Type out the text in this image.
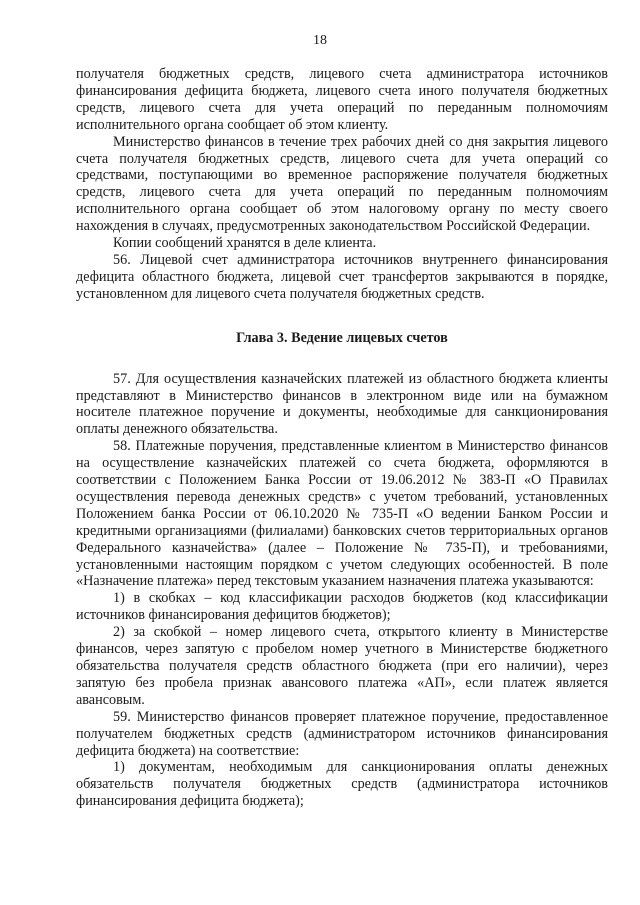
18

получателя бюджетных средств, лицевого счета администратора источников финансирования дефицита бюджета, лицевого счета иного получателя бюджетных средств, лицевого счета для учета операций по переданным полномочиям исполнительного органа сообщает об этом клиенту.

Министерство финансов в течение трех рабочих дней со дня закрытия лицевого счета получателя бюджетных средств, лицевого счета для учета операций со средствами, поступающими во временное распоряжение получателя бюджетных средств, лицевого счета для учета операций по переданным полномочиям исполнительного органа сообщает об этом налоговому органу по месту своего нахождения в случаях, предусмотренных законодательством Российской Федерации.

Копии сообщений хранятся в деле клиента.

56. Лицевой счет администратора источников внутреннего финансирования дефицита областного бюджета, лицевой счет трансфертов закрываются в порядке, установленном для лицевого счета получателя бюджетных средств.

Глава 3. Ведение лицевых счетов

57. Для осуществления казначейских платежей из областного бюджета клиенты представляют в Министерство финансов в электронном виде или на бумажном носителе платежное поручение и документы, необходимые для санкционирования оплаты денежного обязательства.

58. Платежные поручения, представленные клиентом в Министерство финансов на осуществление казначейских платежей со счета бюджета, оформляются в соответствии с Положением Банка России от 19.06.2012 № 383-П «О Правилах осуществления перевода денежных средств» с учетом требований, установленных Положением банка России от 06.10.2020 № 735-П «О ведении Банком России и кредитными организациями (филиалами) банковских счетов территориальных органов Федерального казначейства» (далее – Положение № 735-П), и требованиями, установленными настоящим порядком с учетом следующих особенностей. В поле «Назначение платежа» перед текстовым указанием назначения платежа указываются:

1) в скобках – код классификации расходов бюджетов (код классификации источников финансирования дефицитов бюджетов);

2) за скобкой – номер лицевого счета, открытого клиенту в Министерстве финансов, через запятую с пробелом номер учетного в Министерстве бюджетного обязательства получателя средств областного бюджета (при его наличии), через запятую без пробела признак авансового платежа «АП», если платеж является авансовым.

59. Министерство финансов проверяет платежное поручение, предоставленное получателем бюджетных средств (администратором источников финансирования дефицита бюджета) на соответствие:

1) документам, необходимым для санкционирования оплаты денежных обязательств получателя бюджетных средств (администратора источников финансирования дефицита бюджета);
